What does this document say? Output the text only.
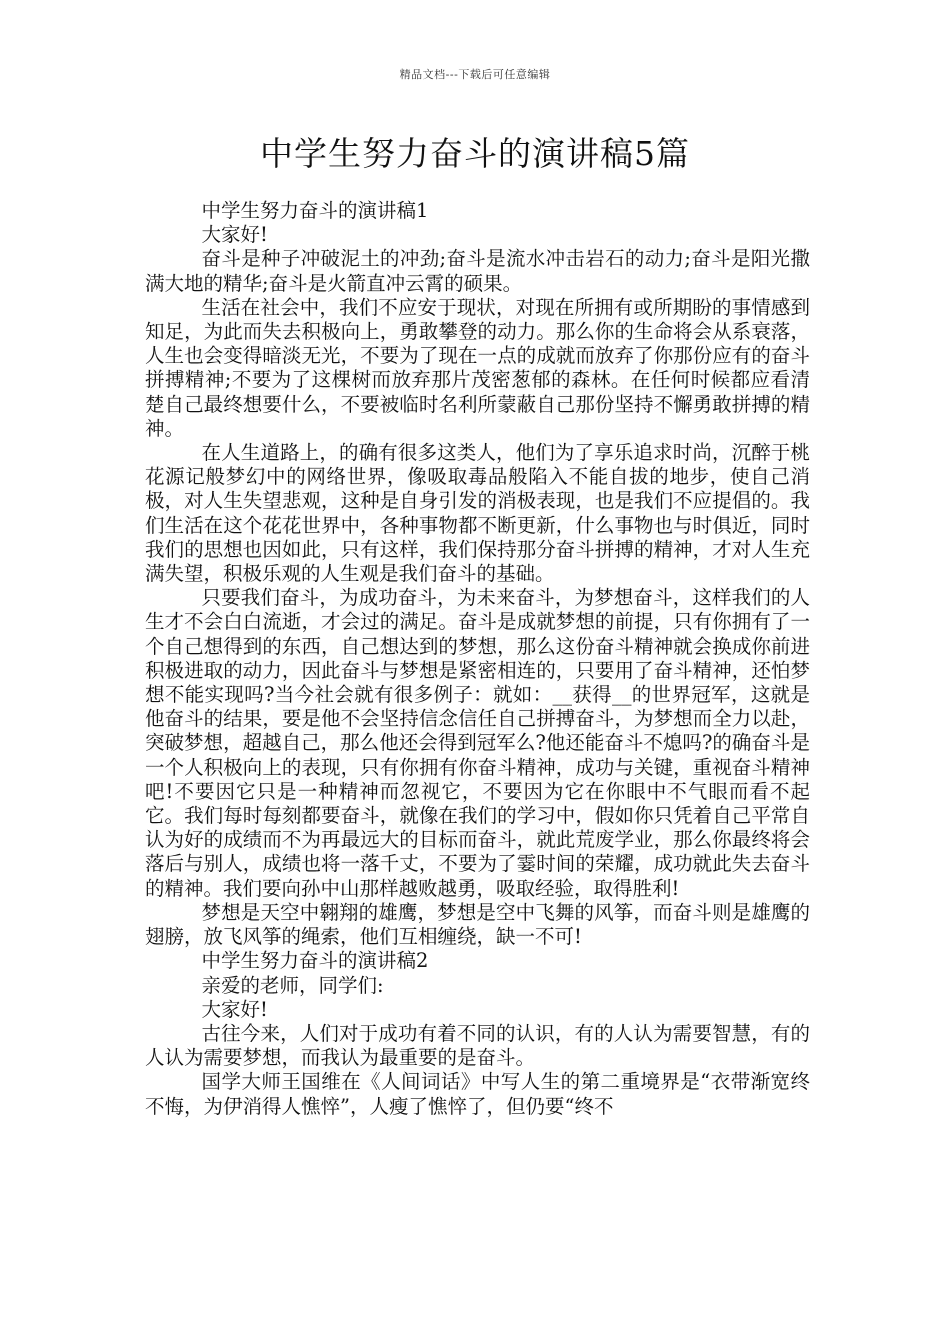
精品文档---下载后可任意编辑
中学生努力奋斗的演讲稿5篇

中学生努力奋斗的演讲稿1

大家好!

奋斗是种子冲破泥土的冲劲;奋斗是流水冲击岩石的动力;奋斗是阳光撒满大地的精华;奋斗是火箭直冲云霄的硕果。

生活在社会中，我们不应安于现状，对现在所拥有或所期盼的事情感到知足，为此而失去积极向上，勇敢攀登的动力。那么你的生命将会从系衰落，人生也会变得暗淡无光，不要为了现在一点的成就而放弃了你那份应有的奋斗拼搏精神;不要为了这棵树而放弃那片茂密葱郁的森林。在任何时候都应看清楚自己最终想要什么，不要被临时名利所蒙蔽自己那份坚持不懈勇敢拼搏的精神。

在人生道路上，的确有很多这类人，他们为了享乐追求时尚，沉醉于桃花源记般梦幻中的网络世界，像吸取毒品般陷入不能自拔的地步，使自己消极，对人生失望悲观，这种是自身引发的消极表现，也是我们不应提倡的。我们生活在这个花花世界中，各种事物都不断更新，什么事物也与时俱近，同时我们的思想也因如此，只有这样，我们保持那分奋斗拼搏的精神，才对人生充满失望，积极乐观的人生观是我们奋斗的基础。

只要我们奋斗，为成功奋斗，为未来奋斗，为梦想奋斗，这样我们的人生才不会白白流逝，才会过的满足。奋斗是成就梦想的前提，只有你拥有了一个自己想得到的东西，自己想达到的梦想，那么这份奋斗精神就会换成你前进积极进取的动力，因此奋斗与梦想是紧密相连的，只要用了奋斗精神，还怕梦想不能实现吗?当今社会就有很多例子：就如：__获得__的世界冠军，这就是他奋斗的结果，要是他不会坚持信念信任自己拼搏奋斗，为梦想而全力以赴，突破梦想，超越自己，那么他还会得到冠军么?他还能奋斗不熄吗?的确奋斗是一个人积极向上的表现，只有你拥有你奋斗精神，成功与关键，重视奋斗精神吧!不要因它只是一种精神而忽视它，不要因为它在你眼中不气眼而看不起它。我们每时每刻都要奋斗，就像在我们的学习中，假如你只凭着自己平常自认为好的成绩而不为再最远大的目标而奋斗，就此荒废学业，那么你最终将会落后与别人，成绩也将一落千丈，不要为了霎时间的荣耀，成功就此失去奋斗的精神。我们要向孙中山那样越败越勇，吸取经验，取得胜利!

梦想是天空中翱翔的雄鹰，梦想是空中飞舞的风筝，而奋斗则是雄鹰的翅膀，放飞风筝的绳索，他们互相缠绕，缺一不可!

中学生努力奋斗的演讲稿2

亲爱的老师，同学们:

大家好!

古往今来，人们对于成功有着不同的认识，有的人认为需要智慧，有的人认为需要梦想，而我认为最重要的是奋斗。

国学大师王国维在《人间词话》中写人生的第二重境界是“衣带渐宽终不悔，为伊消得人憔悴”，人瘦了憔悴了，但仍要“终不
